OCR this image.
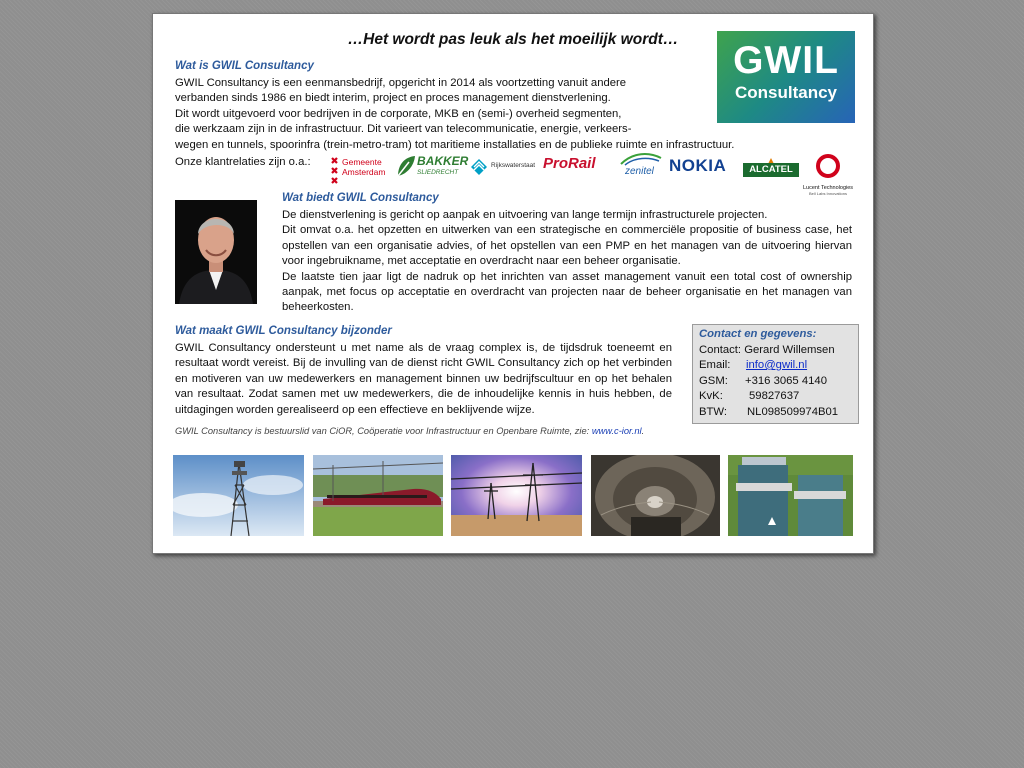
…Het wordt pas leuk als het moeilijk wordt…	GWIL
Consultancy
Wat is GWIL Consultancy

GWIL Consultancy is een eenmansbedrijf, opgericht in 2014 als voortzetting vanuit andere

verbanden sinds 1986 en biedt interim, project en proces management dienstverlening.

Dit wordt uitgevoerd voor bedrijven in de corporate, MKB en (semi-) overheid segmenten,

die werkzaam zijn in de infrastructuur. Dit varieert van telecommunicatie, energie, verkeers-

wegen en tunnels, spoorinfra (trein-metro-tram) tot maritieme installaties en de publieke ruimte en infrastructuur.

Onze klantrelaties zijn o.a.:	Gemeente
Amsterdam
BAKKER
SLIEDRECHT
Rijkswaterstaat ProRail	zenitel NOKIA	ALCATEL
Lucent Technologies
Bell Labs Innovations
Wat biedt GWIL Consultancy

De dienstverlening is gericht op aanpak en uitvoering van lange termijn infrastructurele projecten.

Dit omvat o.a. het opzetten en uitwerken van een strategische en commerciële propositie of business case, het opstellen van een organisatie advies, of het opstellen van een PMP en het managen van de uitvoering hiervan voor ingebruikname, met acceptatie en overdracht naar een beheer organisatie.

De laatste tien jaar ligt de nadruk op het inrichten van asset management vanuit een total cost of ownership aanpak, met focus op acceptatie en overdracht van projecten naar de beheer organisatie en het managen van beheerkosten.

Wat maakt GWIL Consultancy bijzonder

GWIL Consultancy ondersteunt u met name als de vraag complex is, de tijdsdruk toeneemt en resultaat wordt vereist. Bij de invulling van de dienst richt GWIL Consultancy zich op het verbinden en motiveren van uw medewerkers en management binnen uw bedrijfscultuur en op het behalen van resultaat. Zodat samen met uw medewerkers, die de inhoudelijke kennis in huis hebben, de uitdagingen worden gerealiseerd op een effectieve en beklijvende wijze.

Contact en gegevens:
Contact: Gerard Willemsen
Email: info@gwil.nl
GSM: +316 3065 4140
KvK: 59827637
BTW: NL098509974B01
GWIL Consultancy is bestuurslid van CiOR, Coöperatie voor Infrastructuur en Openbare Ruimte, zie: www.c-ior.nl.
